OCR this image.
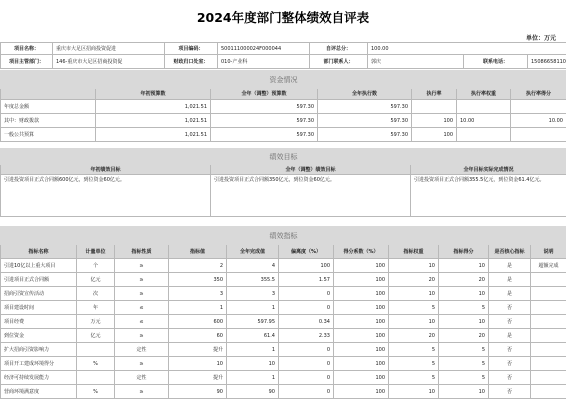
2024年度部门整体绩效自评表
单位：万元
项目名称：	重庆市大足区招商投资促进	项目编码：	500111000024F000044	自评总分：	100.00		
项目主管部门：	146-重庆市大足区招商投资促	财政归口处室：	010-产业科	部门联系人：	郭庆	联系电话：	15086658110
资金情况						
	年初预算数	全年（调整）预算数	全年执行数	执行率	执行率权重	执行率得分
年度总金额	1,021.51	597.30	597.30			
其中：财政拨款	1,021.51	597.30	597.30	100	10.00	10.00
一般公共预算	1,021.51	597.30	597.30	100		
绩效目标		
年初绩效目标	全年（调整）绩效目标	全年目标实际完成情况
引进投资项目正式合同额600亿元，到位资金60亿元。	引进投资项目正式合同额350亿元，到位资金60亿元。	引进投资项目正式合同额355.5亿元，到位资金61.4亿元。
绩效指标										
指标名称	计量单位	指标性质	指标值	全年完成值	偏离度（%）	得分系数（%）	指标权重	指标得分	是否核心指标	说明
引进10亿以上重大项目	个	≥	2	4	100	100	10	10	是	超额完成
引进项目正式合同额	亿元	≥	350	355.5	1.57	100	20	20	是	
招商引资宣传活动	次	≥	3	3	0	100	10	10	是	
项目建设时间	年	≤	1	1	0	100	5	5	否	
项目经费	万元	≤	600	597.95	0.34	100	10	10	否	
到位资金	亿元	≥	60	61.4	2.33	100	20	20	是	
扩大招商引资影响力		定性	提升	1	0	100	5	5	否	
项目开工建成环境得分	%	≥	10	10	0	100	5	5	否	
经济可持续发展能力		定性	提升	1	0	100	5	5	否	
营商环境满意度	%	≥	90	90	0	100	10	10	否	
